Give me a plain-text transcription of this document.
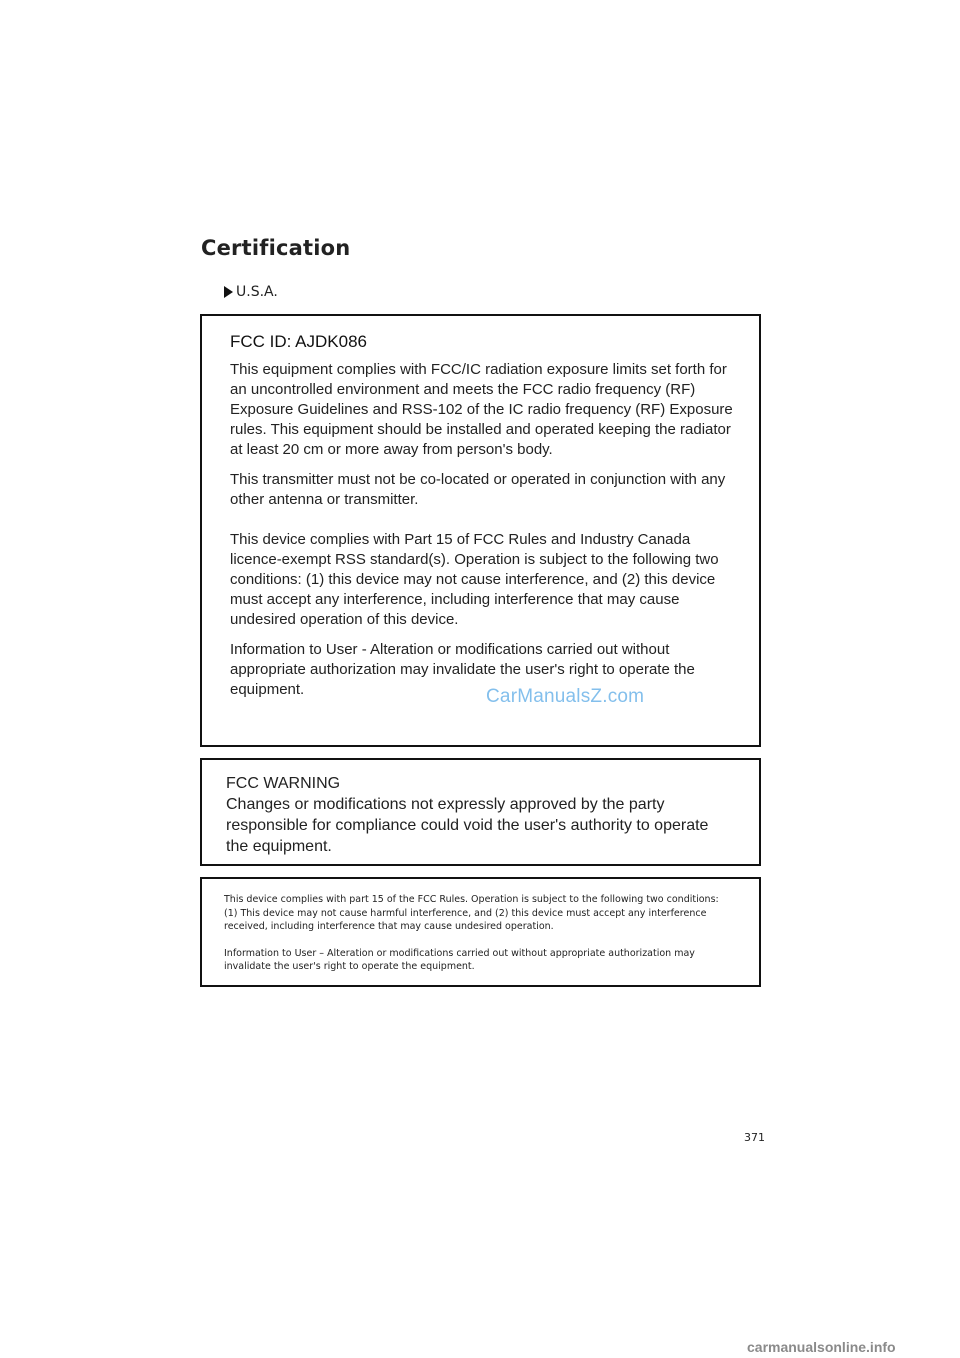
Certification
U.S.A.
FCC ID: AJDK086

This equipment complies with FCC/IC radiation exposure limits set forth for an uncontrolled environment and meets the FCC radio frequency (RF) Exposure Guidelines and RSS-102 of the IC radio frequency (RF) Exposure rules. This equipment should be installed and operated keeping the radiator at least 20 cm or more away from person's body.

This transmitter must not be co-located or operated in conjunction with any other antenna or transmitter.

This device complies with Part 15 of FCC Rules and Industry Canada licence-exempt RSS standard(s). Operation is subject to the following two conditions: (1) this device may not cause interference, and (2) this device must accept any interference, including interference that may cause undesired operation of this device.

Information to User - Alteration or modifications carried out without appropriate authorization may invalidate the user's right to operate the equipment.	CarManualsZ.com

FCC WARNING

Changes or modifications not expressly approved by the party responsible for compliance could void the user's authority to operate the equipment.

This device complies with part 15 of the FCC Rules. Operation is subject to the following two conditions: (1) This device may not cause harmful interference, and (2) this device must accept any interference received, including interference that may cause undesired operation.

Information to User – Alteration or modifications carried out without appropriate authorization may invalidate the user's right to operate the equipment.

371
carmanualsonline.info
